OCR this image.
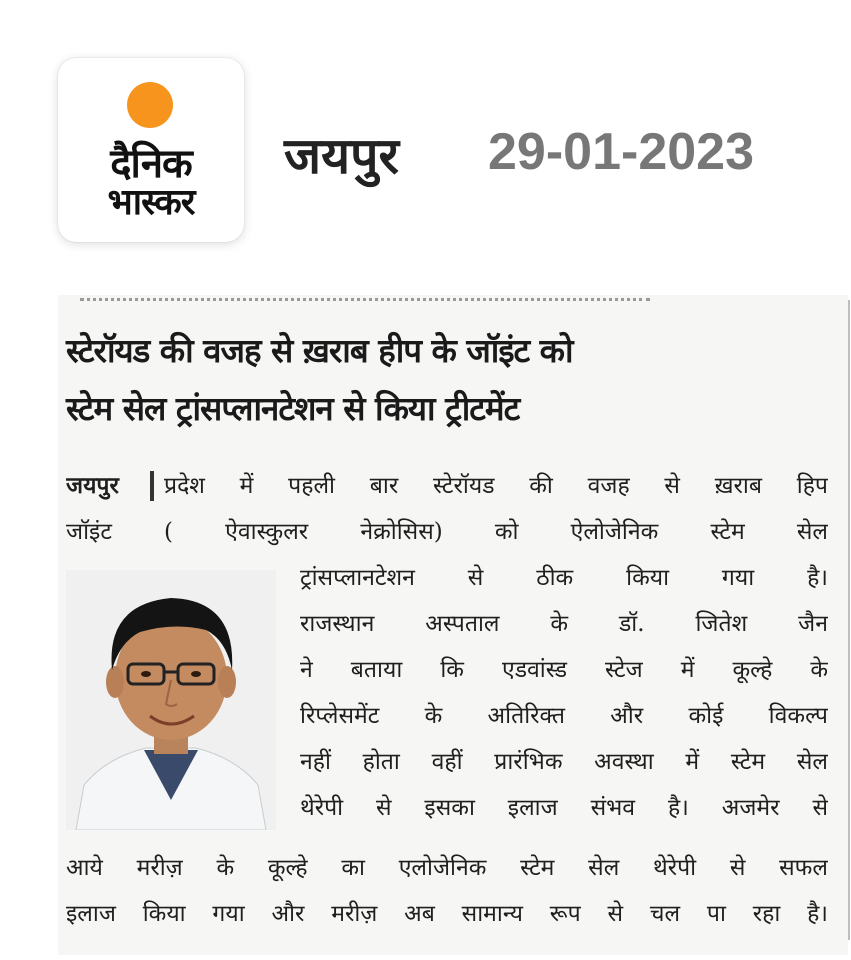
दैनिक
भास्कर
जयपुर 29-01-2023
स्टेरॉयड की वजह से ख़राब हीप के जॉइंट को
स्टेम सेल ट्रांसप्लानटेशन से किया ट्रीटमेंट
जयपुर	प्रदेश में पहली बार स्टेरॉयड की वजह से ख़राब हिप
जॉइंट ( ऐवास्कुलर नेक्रोसिस) को ऐलोजेनिक स्टेम सेल
ट्रांसप्लानटेशन से ठीक किया गया है।
राजस्थान अस्पताल के डॉ. जितेश जैन
ने बताया कि एडवांस्ड स्टेज में कूल्हे के
रिप्लेसमेंट के अतिरिक्त और कोई विकल्प
नहीं होता वहीं प्रारंभिक अवस्था में स्टेम सेल
थेरेपी से इसका इलाज संभव है। अजमेर से
आये मरीज़ के कूल्हे का एलोजेनिक स्टेम सेल थेरेपी से सफल
इलाज किया गया और मरीज़ अब सामान्य रूप से चल पा रहा है।
